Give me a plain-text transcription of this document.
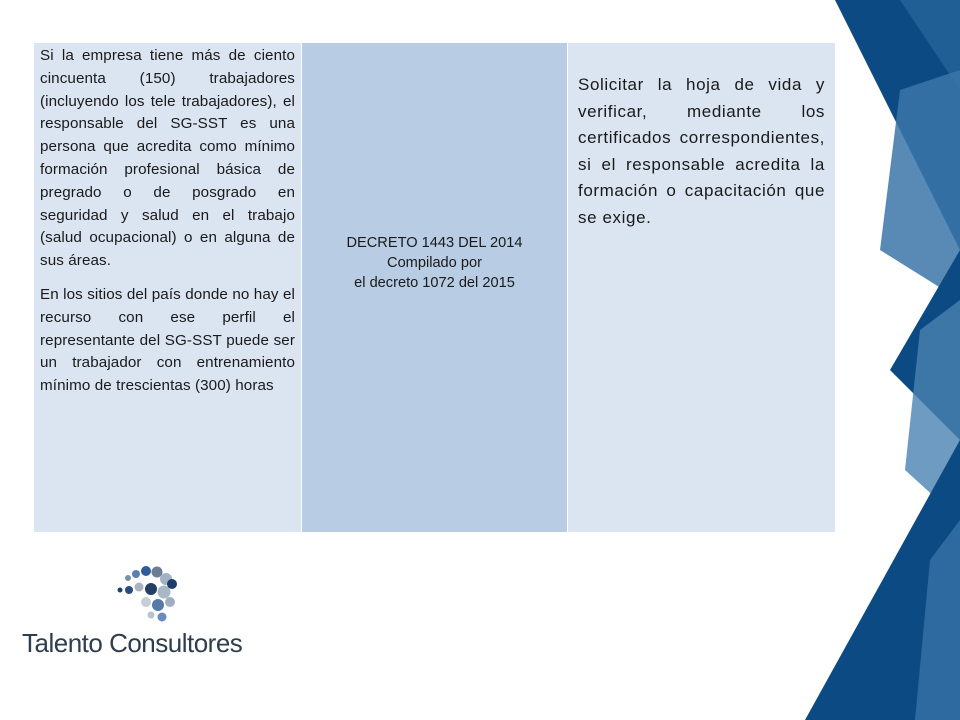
Si la empresa tiene más de ciento cincuenta (150) trabajadores (incluyendo los tele trabajadores), el responsable del SG-SST es una persona que acredita como mínimo formación profesional básica de pregrado o de posgrado en seguridad y salud en el trabajo (salud ocupacional) o en alguna de sus áreas.

En los sitios del país donde no hay el recurso con ese perfil el representante del SG-SST puede ser un trabajador con entrenamiento mínimo de trescientas (300) horas

DECRETO 1443 DEL 2014
Compilado por
el decreto 1072 del 2015

Solicitar la hoja de vida y verificar, mediante los certificados correspondientes, si el responsable acredita la formación o capacitación que se exige.

Talento Consultores
